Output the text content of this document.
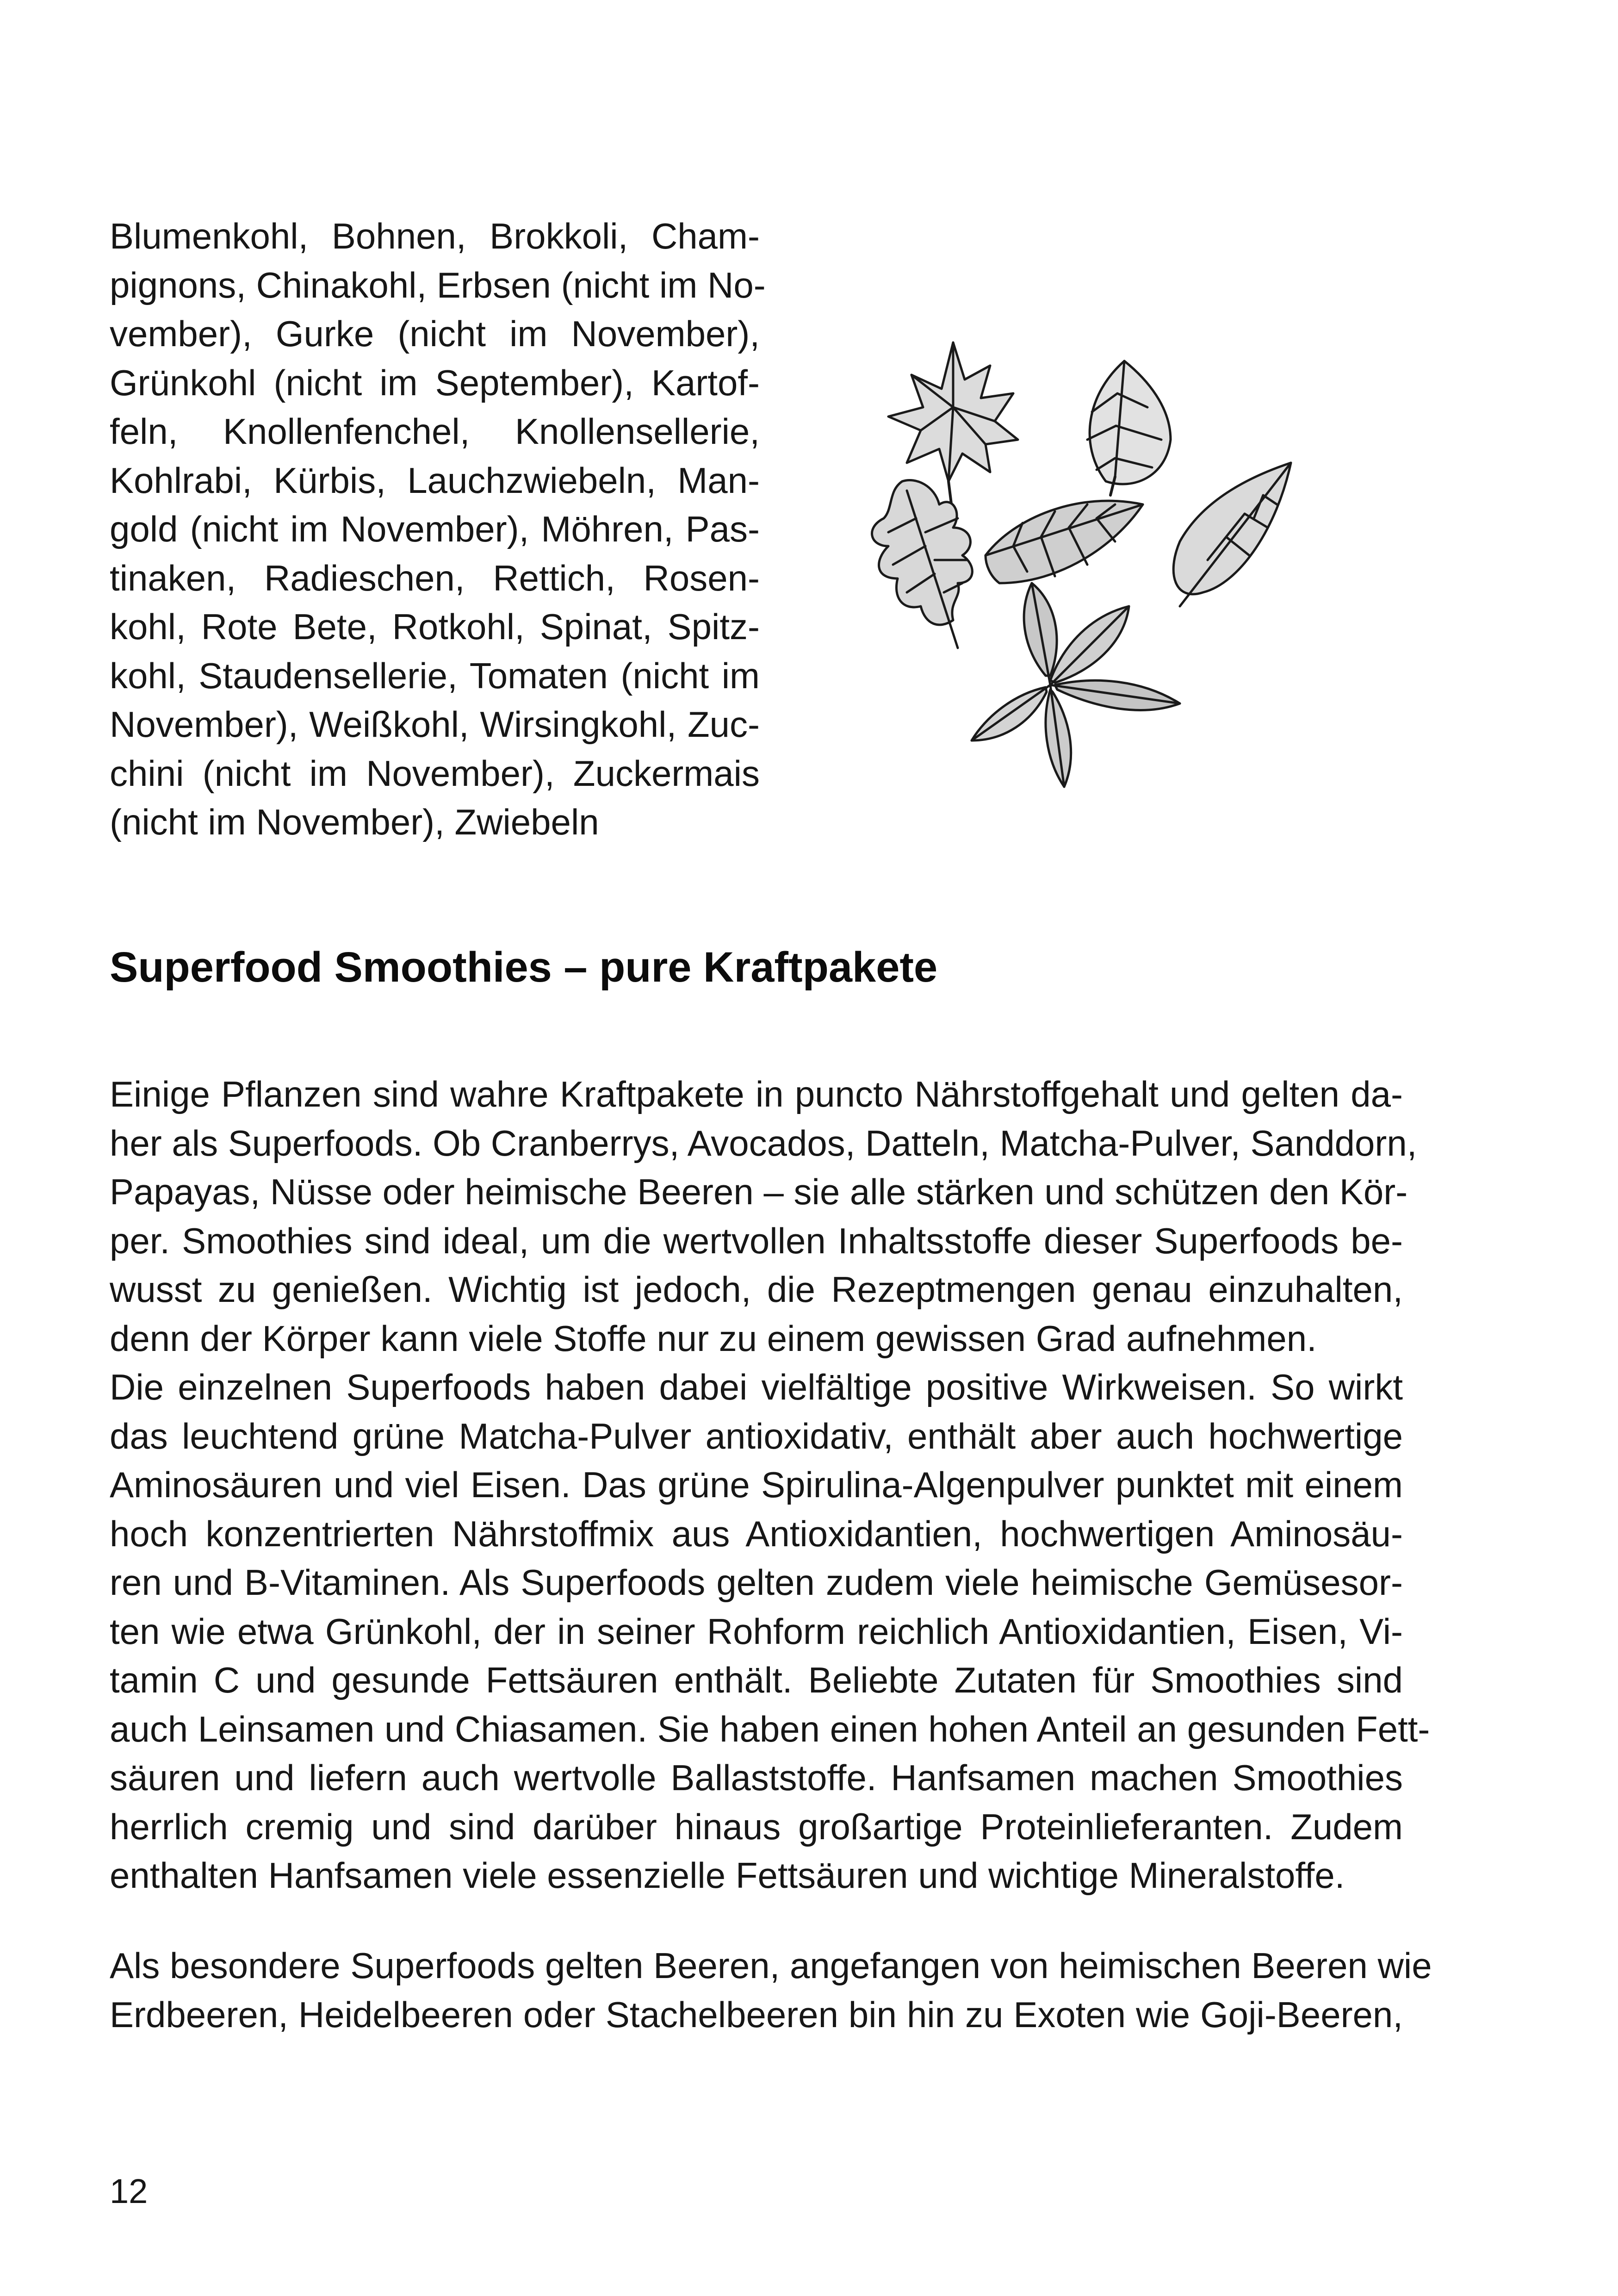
Blumenkohl, Bohnen, Brokkoli, Cham-
pignons, Chinakohl, Erbsen (nicht im No-
vember), Gurke (nicht im November),
Grünkohl (nicht im September), Kartof-
feln, Knollenfenchel, Knollensellerie,
Kohlrabi, Kürbis, Lauchzwiebeln, Man-
gold (nicht im November), Möhren, Pas-
tinaken, Radieschen, Rettich, Rosen-
kohl, Rote Bete, Rotkohl, Spinat, Spitz-
kohl, Staudensellerie, Tomaten (nicht im
November), Weißkohl, Wirsingkohl, Zuc-
chini (nicht im November), Zuckermais
(nicht im November), Zwiebeln
Superfood Smoothies – pure Kraftpakete
Einige Pflanzen sind wahre Kraftpakete in puncto Nährstoffgehalt und gelten da-
her als Superfoods. Ob Cranberrys, Avocados, Datteln, Matcha-Pulver, Sanddorn,
Papayas, Nüsse oder heimische Beeren – sie alle stärken und schützen den Kör-
per. Smoothies sind ideal, um die wertvollen Inhaltsstoffe dieser Superfoods be-
wusst zu genießen. Wichtig ist jedoch, die Rezeptmengen genau einzuhalten,
denn der Körper kann viele Stoffe nur zu einem gewissen Grad aufnehmen.
Die einzelnen Superfoods haben dabei vielfältige positive Wirkweisen. So wirkt
das leuchtend grüne Matcha-Pulver antioxidativ, enthält aber auch hochwertige
Aminosäuren und viel Eisen. Das grüne Spirulina-Algenpulver punktet mit einem
hoch konzentrierten Nährstoffmix aus Antioxidantien, hochwertigen Aminosäu-
ren und B-Vitaminen. Als Superfoods gelten zudem viele heimische Gemüsesor-
ten wie etwa Grünkohl, der in seiner Rohform reichlich Antioxidantien, Eisen, Vi-
tamin C und gesunde Fettsäuren enthält. Beliebte Zutaten für Smoothies sind
auch Leinsamen und Chiasamen. Sie haben einen hohen Anteil an gesunden Fett-
säuren und liefern auch wertvolle Ballaststoffe. Hanfsamen machen Smoothies
herrlich cremig und sind darüber hinaus großartige Proteinlieferanten. Zudem
enthalten Hanfsamen viele essenzielle Fettsäuren und wichtige Mineralstoffe.
Als besondere Superfoods gelten Beeren, angefangen von heimischen Beeren wie
Erdbeeren, Heidelbeeren oder Stachelbeeren bin hin zu Exoten wie Goji-Beeren,
12
